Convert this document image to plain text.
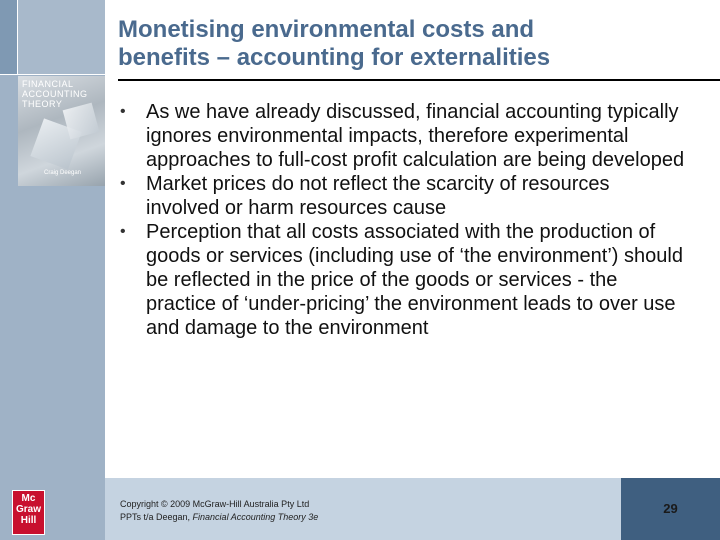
FINANCIAL
ACCOUNTING
THEORY
Craig Deegan
Mc
Graw
Hill
Monetising environmental costs and
benefits – accounting for externalities
• As we have already discussed, financial accounting typically ignores environmental impacts, therefore experimental approaches to full-cost profit calculation are being developed
• Market prices do not reflect the scarcity of resources involved or harm resources cause
• Perception that all costs associated with the production of goods or services (including use of ‘the environment’) should be reflected in the price of the goods or services - the practice of ‘under-pricing’ the environment leads to over use and damage to the environment
Copyright © 2009 McGraw-Hill Australia Pty Ltd
PPTs t/a Deegan, Financial Accounting Theory 3e
29
